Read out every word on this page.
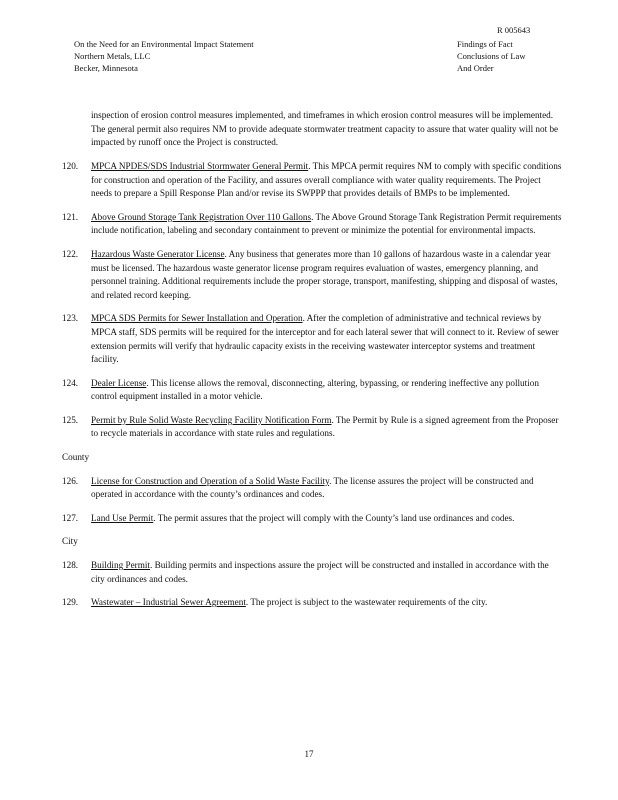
R 005643
On the Need for an Environmental Impact Statement
Northern Metals, LLC
Becker, Minnesota
Findings of Fact
Conclusions of Law
And Order

inspection of erosion control measures implemented, and timeframes in which erosion control measures will be implemented. The general permit also requires NM to provide adequate stormwater treatment capacity to assure that water quality will not be impacted by runoff once the Project is constructed.

120.	MPCA NPDES/SDS Industrial Stormwater General Permit. This MPCA permit requires NM to comply with specific conditions for construction and operation of the Facility, and assures overall compliance with water quality requirements. The Project needs to prepare a Spill Response Plan and/or revise its SWPPP that provides details of BMPs to be implemented.
121.	Above Ground Storage Tank Registration Over 110 Gallons. The Above Ground Storage Tank Registration Permit requirements include notification, labeling and secondary containment to prevent or minimize the potential for environmental impacts.
122.	Hazardous Waste Generator License. Any business that generates more than 10 gallons of hazardous waste in a calendar year must be licensed. The hazardous waste generator license program requires evaluation of wastes, emergency planning, and personnel training. Additional requirements include the proper storage, transport, manifesting, shipping and disposal of wastes, and related record keeping.
123.	MPCA SDS Permits for Sewer Installation and Operation. After the completion of administrative and technical reviews by MPCA staff, SDS permits will be required for the interceptor and for each lateral sewer that will connect to it. Review of sewer extension permits will verify that hydraulic capacity exists in the receiving wastewater interceptor systems and treatment facility.
124.	Dealer License. This license allows the removal, disconnecting, altering, bypassing, or rendering ineffective any pollution control equipment installed in a motor vehicle.
125.	Permit by Rule Solid Waste Recycling Facility Notification Form. The Permit by Rule is a signed agreement from the Proposer to recycle materials in accordance with state rules and regulations.

County

126.	License for Construction and Operation of a Solid Waste Facility. The license assures the project will be constructed and operated in accordance with the county’s ordinances and codes.
127.	Land Use Permit. The permit assures that the project will comply with the County’s land use ordinances and codes.

City

128.	Building Permit. Building permits and inspections assure the project will be constructed and installed in accordance with the city ordinances and codes.
129.	Wastewater – Industrial Sewer Agreement. The project is subject to the wastewater requirements of the city.
17
